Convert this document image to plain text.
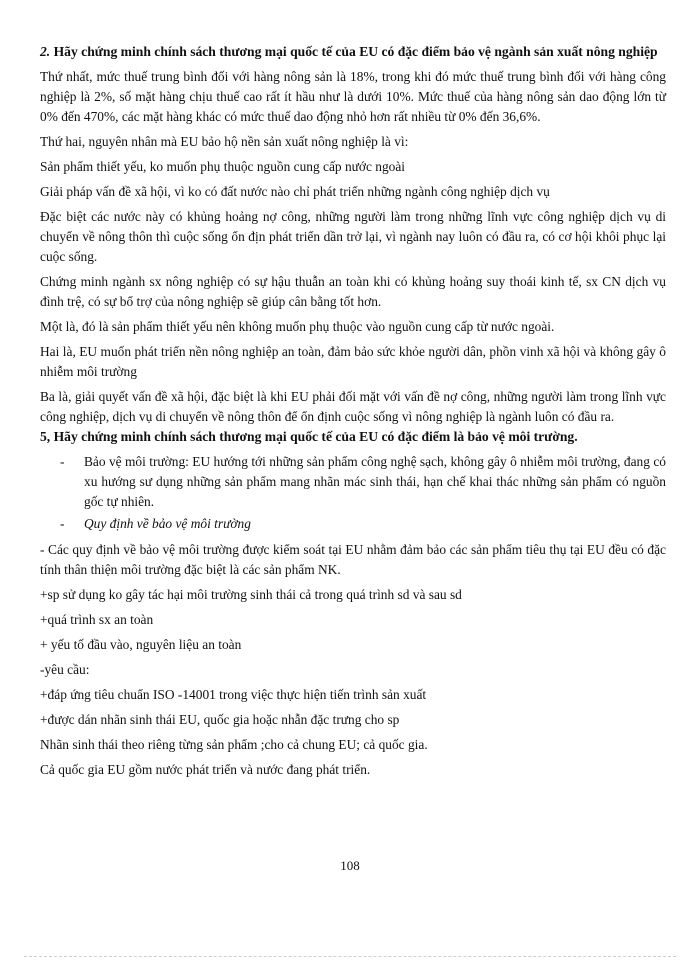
2. Hãy chứng minh chính sách thương mại quốc tế của EU có đặc điểm bảo vệ ngành sản xuất nông nghiệp

Thứ nhất, mức thuế trung bình đối với hàng nông sản là 18%, trong khi đó mức thuế trung bình đối với hàng công nghiệp là 2%, số mặt hàng chịu thuế cao rất ít hầu như là dưới 10%. Mức thuế của hàng nông sản dao động lớn từ 0% đến 470%, các mặt hàng khác có mức thuế dao động nhỏ hơn rất nhiều từ 0% đến 36,6%.

Thứ hai, nguyên nhân mà EU bảo hộ nền sản xuất nông nghiệp là vì:

Sản phẩm thiết yếu, ko muốn phụ thuộc nguồn cung cấp nước ngoài

Giải pháp vấn đề xã hội, vì ko có đất nước nào chỉ phát triển những ngành công nghiệp dịch vụ

Đặc biệt các nước này có khủng hoảng nợ công, những người làm trong những lĩnh vực công nghiệp dịch vụ di chuyển về nông thôn thì cuộc sống ổn địn phát triển dần trở lại, vì ngành nay luôn có đầu ra, có cơ hội khôi phục lại cuộc sống.

Chứng minh ngành sx nông nghiệp có sự hậu thuẫn an toàn khi có khủng hoảng suy thoái kinh tế, sx CN dịch vụ đình trệ, có sự bổ trợ của nông nghiệp sẽ giúp cân bằng tốt hơn.

Một là, đó là sản phẩm thiết yếu nên không muốn phụ thuộc vào nguồn cung cấp từ nước ngoài.

Hai là, EU muốn phát triển nền nông nghiệp an toàn, đảm bảo sức khỏe người dân, phồn vinh xã hội và không gây ô nhiễm môi trường

Ba là, giải quyết vấn đề xã hội, đặc biệt là khi EU phải đối mặt với vấn đề nợ công, những người làm trong lĩnh vực công nghiệp, dịch vụ di chuyển về nông thôn để ổn định cuộc sống vì nông nghiệp là ngành luôn có đầu ra.

5, Hãy chứng minh chính sách thương mại quốc tế của EU có đặc điểm là bảo vệ môi trường.

- Bảo vệ môi trường: EU hướng tới những sản phẩm công nghệ sạch, không gây ô nhiễm môi trường, đang có xu hướng sư dụng những sản phẩm mang nhãn mác sinh thái, hạn chế khai thác những sản phẩm có nguồn gốc tự nhiên.
- Quy định về bảo vệ môi trường

- Các quy định về bảo vệ môi trường được kiểm soát tại EU nhằm đảm bảo các sản phẩm tiêu thụ tại EU đều có đặc tính thân thiện môi trường đặc biệt là các sản phẩm NK.

+sp sử dụng ko gây tác hại môi trường sinh thái cả trong quá trình sd và sau sd

+quá trình sx an toàn

+ yếu tố đầu vào, nguyên liệu an toàn

-yêu cầu:

+đáp ứng tiêu chuẩn ISO -14001 trong việc thực hiện tiến trình sản xuất

+được dán nhãn sinh thái EU, quốc gia hoặc nhẫn đặc trưng cho sp

Nhãn sinh thái theo riêng từng sản phẩm ;cho cả chung EU; cả quốc gia.

Cả quốc gia EU gồm nước phát triển và nước đang phát triển.

108
